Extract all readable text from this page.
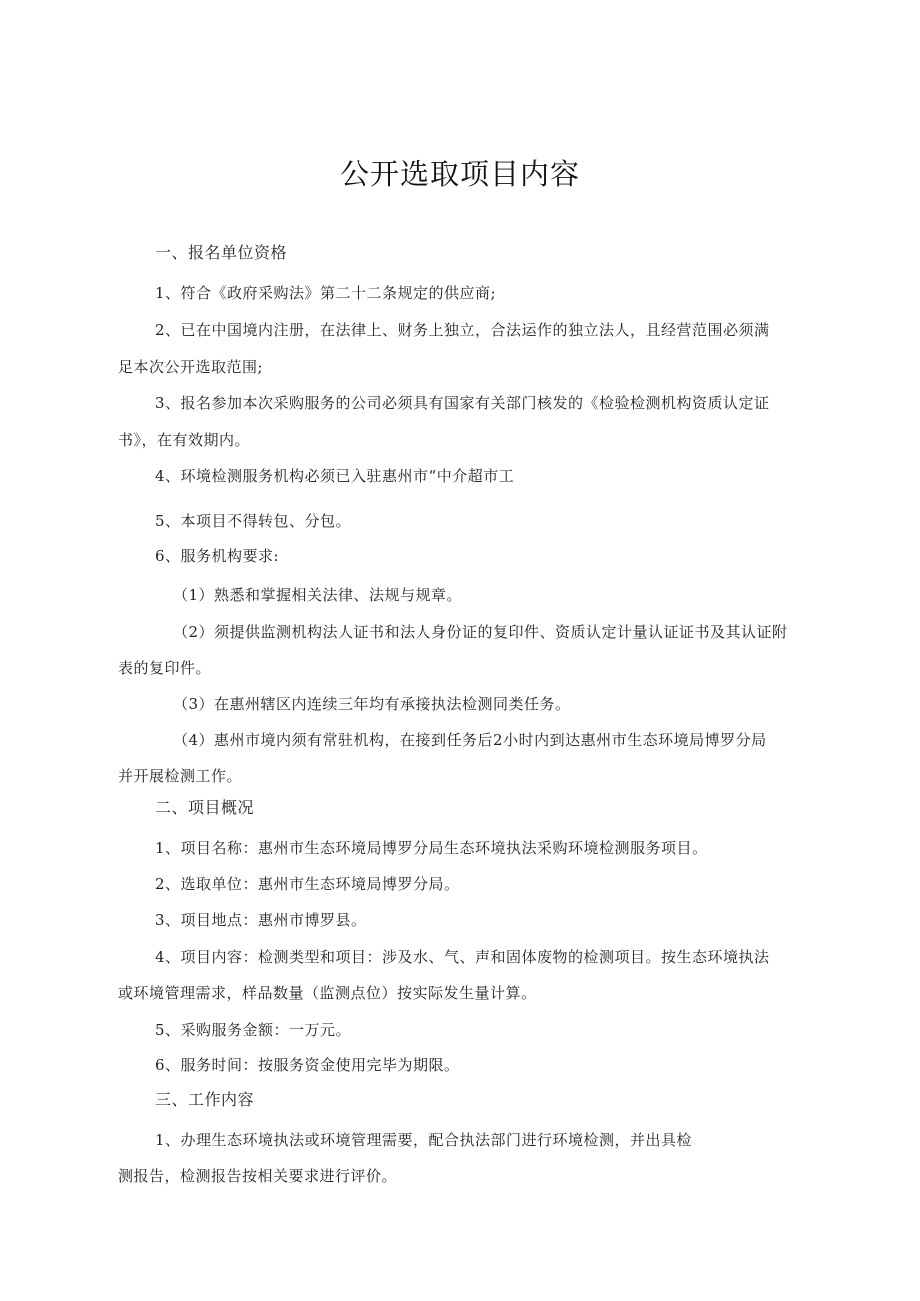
公开选取项目内容
一、报名单位资格
1、符合《政府采购法》第二十二条规定的供应商;
2、已在中国境内注册，在法律上、财务上独立，合法运作的独立法人，且经营范围必须满
足本次公开选取范围;
3、报名参加本次采购服务的公司必须具有国家有关部门核发的《检验检测机构资质认定证
书》，在有效期内。
4、环境检测服务机构必须已入驻惠州市“中介超市工
5、本项目不得转包、分包。
6、服务机构要求:
（1）熟悉和掌握相关法律、法规与规章。
（2）须提供监测机构法人证书和法人身份证的复印件、资质认定计量认证证书及其认证附
表的复印件。
（3）在惠州辖区内连续三年均有承接执法检测同类任务。
（4）惠州市境内须有常驻机构，在接到任务后2小时内到达惠州市生态环境局博罗分局
并开展检测工作。
二、项目概况
1、项目名称：惠州市生态环境局博罗分局生态环境执法采购环境检测服务项目。
2、选取单位：惠州市生态环境局博罗分局。
3、项目地点：惠州市博罗县。
4、项目内容：检测类型和项目：涉及水、气、声和固体废物的检测项目。按生态环境执法
或环境管理需求，样品数量（监测点位）按实际发生量计算。
5、采购服务金额：一万元。
6、服务时间：按服务资金使用完毕为期限。
三、工作内容
1、办理生态环境执法或环境管理需要，配合执法部门进行环境检测，并出具检
测报告，检测报告按相关要求进行评价。
